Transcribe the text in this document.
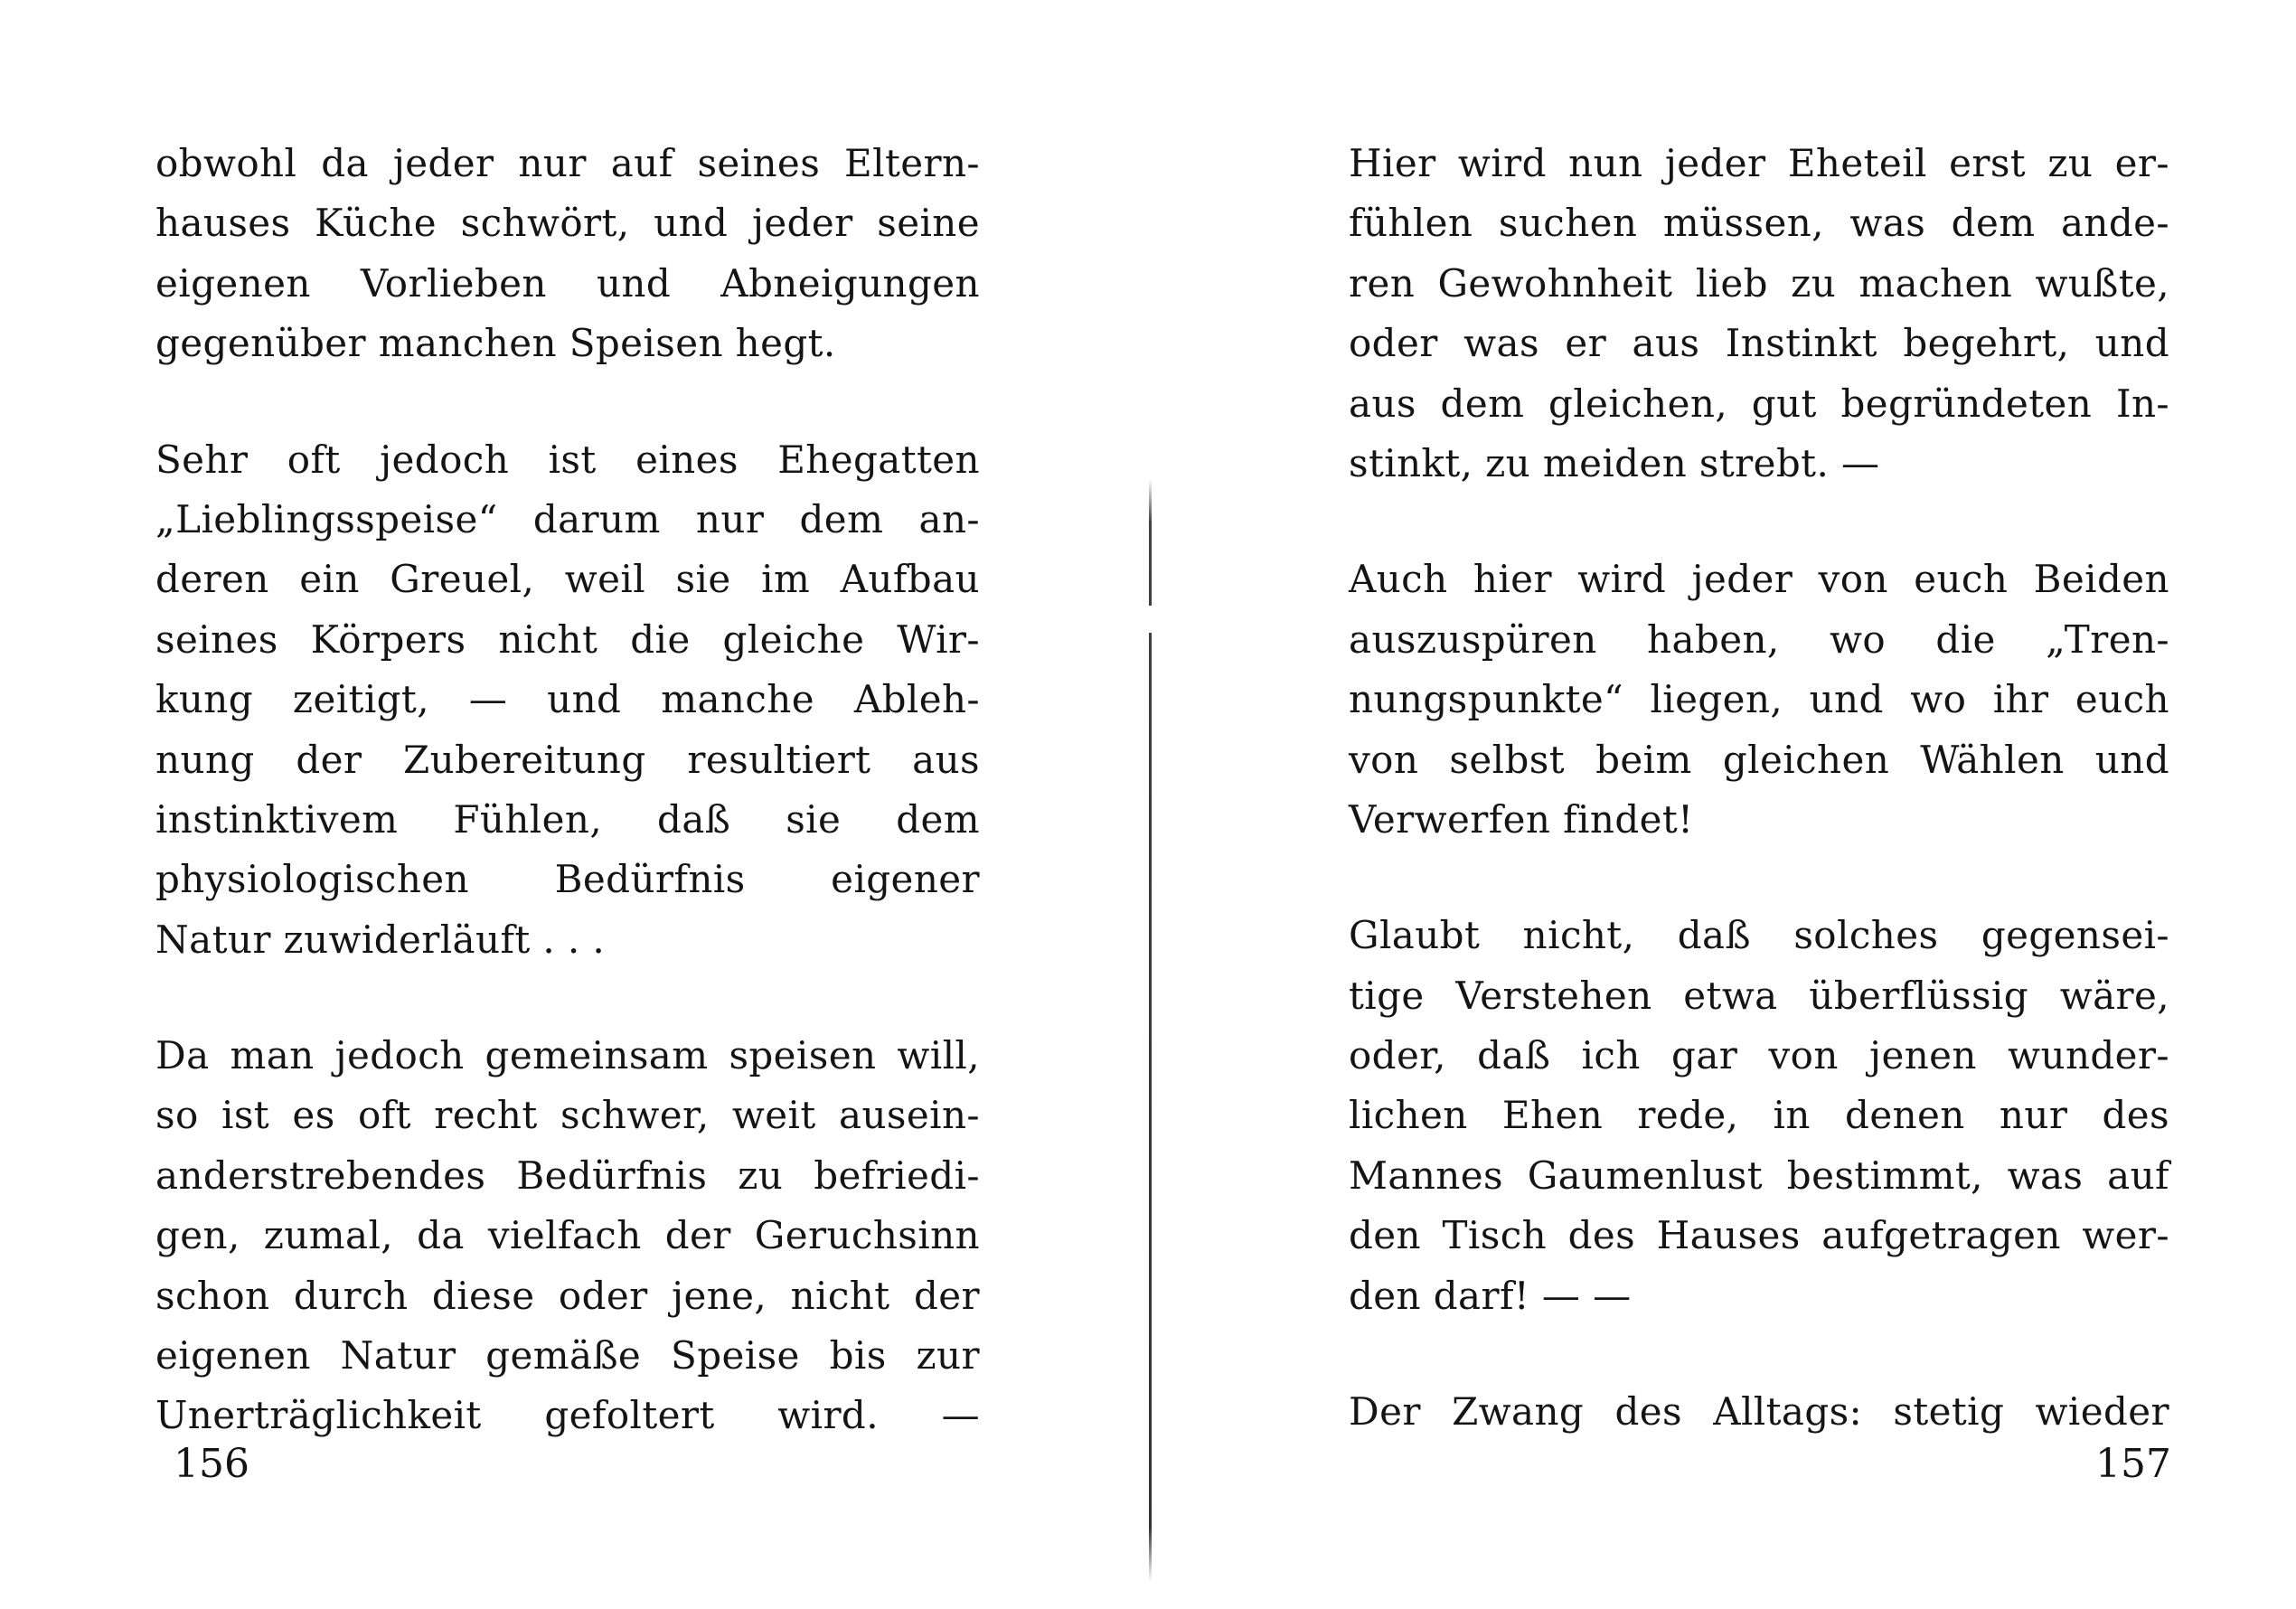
obwohl da jeder nur auf seines Eltern-
hauses Küche schwört, und jeder seine
eigenen Vorlieben und Abneigungen
gegenüber manchen Speisen hegt.
Sehr oft jedoch ist eines Ehegatten
„Lieblingsspeise“ darum nur dem an-
deren ein Greuel, weil sie im Aufbau
seines Körpers nicht die gleiche Wir-
kung zeitigt, — und manche Ableh-
nung der Zubereitung resultiert aus
instinktivem Fühlen, daß sie dem
physiologischen Bedürfnis eigener
Natur zuwiderläuft . . .
Da man jedoch gemeinsam speisen will,
so ist es oft recht schwer, weit ausein-
anderstrebendes Bedürfnis zu befriedi-
gen, zumal, da vielfach der Geruchsinn
schon durch diese oder jene, nicht der
eigenen Natur gemäße Speise bis zur
Unerträglichkeit gefoltert wird. —
156
Hier wird nun jeder Eheteil erst zu er-
fühlen suchen müssen, was dem ande-
ren Gewohnheit lieb zu machen wußte,
oder was er aus Instinkt begehrt, und
aus dem gleichen, gut begründeten In-
stinkt, zu meiden strebt. —
Auch hier wird jeder von euch Beiden
auszuspüren haben, wo die „Tren-
nungspunkte“ liegen, und wo ihr euch
von selbst beim gleichen Wählen und
Verwerfen findet!
Glaubt nicht, daß solches gegensei-
tige Verstehen etwa überflüssig wäre,
oder, daß ich gar von jenen wunder-
lichen Ehen rede, in denen nur des
Mannes Gaumenlust bestimmt, was auf
den Tisch des Hauses aufgetragen wer-
den darf! — —
Der Zwang des Alltags: stetig wieder
157
